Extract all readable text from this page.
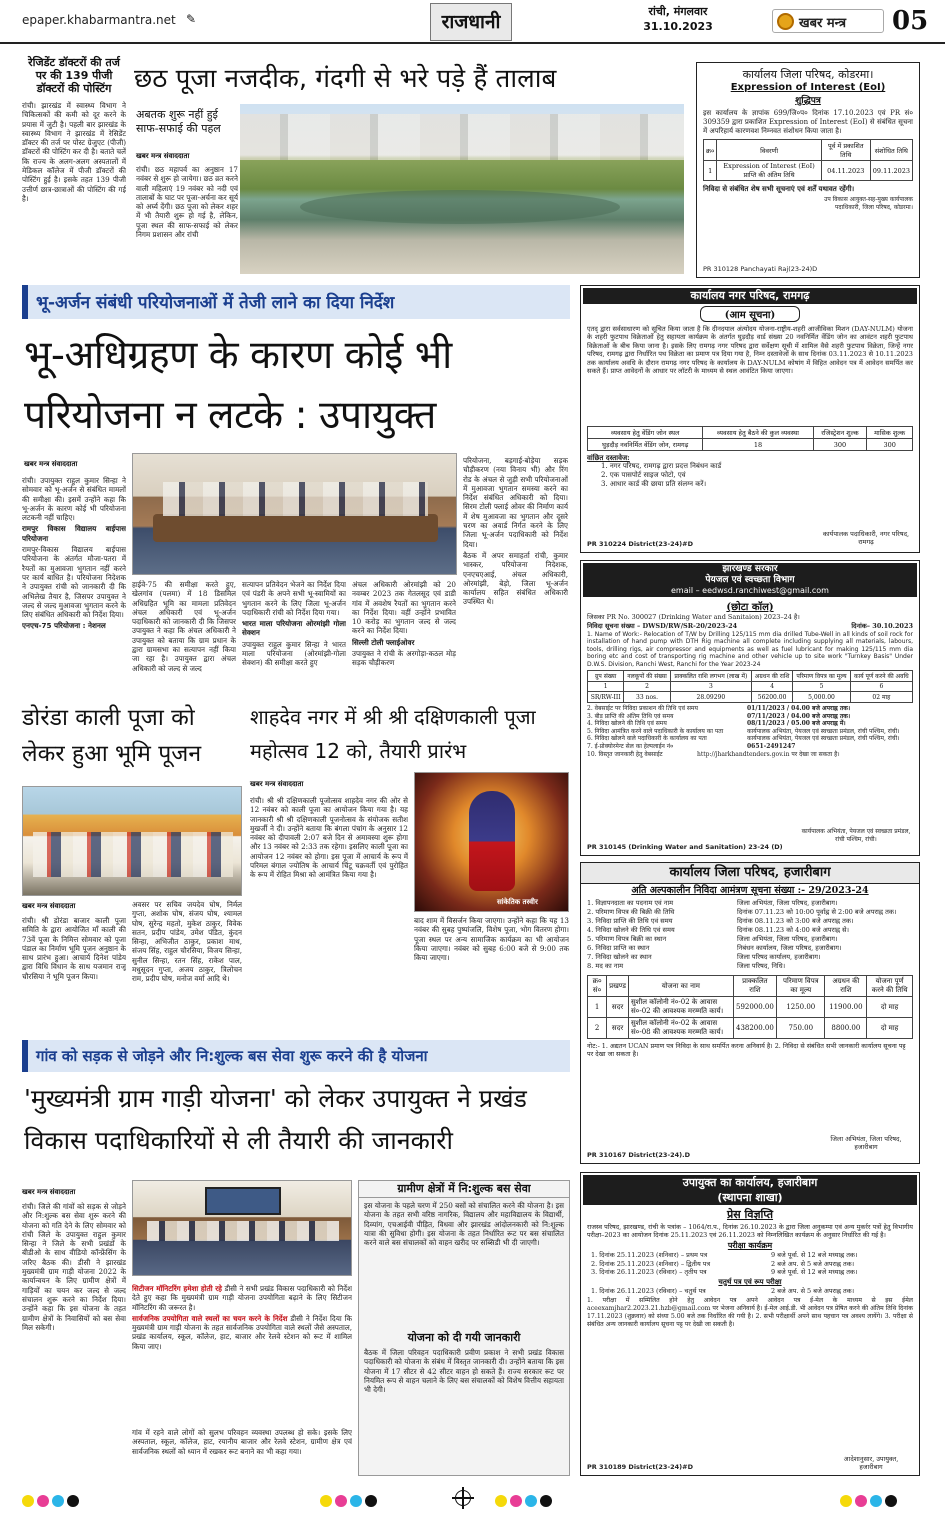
epaper.khabarmantra.net ✎	राजधानी	रांची, मंगलवार
31.10.2023	खबर मन्त्र 05
रेजिडेंट डॉक्टरों की तर्ज पर की 139 पीजी डॉक्टरों की पोस्टिंग
रांची। झारखंड में स्वास्थ्य विभाग ने चिकित्सकों की कमी को दूर करने के प्रयास में जुटी है। पहली बार झारखंड के स्वास्थ्य विभाग ने झारखंड में रेसिडेंट डॉक्टर की तर्ज पर पोस्ट ग्रेजुएट (पीजी) डॉक्टरों की पोस्टिंग कर दी है। बताते चलें कि राज्य के अलग-अलग अस्पतालों में मेडिकल कॉलेज में पीजी डॉक्टरों की पोस्टिंग हुई है। इसके तहत 139 पीजी उत्तीर्ण छात्र-छात्राओं की पोस्टिंग की गई है।
छठ पूजा नजदीक, गंदगी से भरे पड़े हैं तालाब
अबतक शुरू नहीं हुई साफ-सफाई की पहल
खबर मन्त्र संवाददाता
रांची। छठ महापर्व का अनुष्ठान 17 नवंबर से शुरू हो जायेगा। छठ व्रत करने वाली महिलाएं 19 नवंबर को नदी एवं तालाबों के घाट पर पूजा-अर्चना कर सूर्य को अर्घ्य देंगी। छठ पूजा को लेकर शहर में भी तैयारी शुरू हो गई है, लेकिन, पूजा स्थल की साफ-सफाई को लेकर निगम प्रशासन और रांची
कार्यालय जिला परिषद, कोडरमा।
Expression of Interest (EoI)
शुद्धिपत्र
इस कार्यालय के ज्ञापांक 699/जि०प० दिनांक 17.10.2023 एवं PR सं० 309359 द्वारा प्रकाशित Expression of Interest (EoI) से संबंधित सूचना में अपरिहार्य कारणवश निम्नवत संशोधन किया जाता है।
क्र०	विवरणी	पूर्व में प्रकाशित तिथि	संशोधित तिथि
1	Expression of Interest (EoI) प्राप्ति की अंतिम तिथि	04.11.2023	09.11.2023
निविदा से संबंधित शेष सभी सूचनाएं एवं शर्तें यथावत रहेंगी।
उप विकास आयुक्त-सह-मुख्य कार्यपालक पदाधिकारी, जिला परिषद, कोडरमा।
PR 310128 Panchayati Raj(23-24)D
भू-अर्जन संबंधी परियोजनाओं में तेजी लाने का दिया निर्देश
भू-अधिग्रहण के कारण कोई भी परियोजना न लटके : उपायुक्त
खबर मन्त्र संवाददाता

रांची। उपायुक्त राहुल कुमार सिन्हा ने सोमवार को भू-अर्जन से संबंधित मामलों की समीक्षा की। इसमें उन्होंने कहा कि भू-अर्जन के कारण कोई भी परियोजना लटकनी नहीं चाहिए।

रामपुर विकास विद्यालय बाईपास परियोजना

रामपुर-विकास विद्यालय बाईपास परियोजना के अंतर्गत मौजा-पतरा में रैयतों का मुआवजा भुगतान नहीं करने पर कार्य बाधित है। परियोजना निदेशक ने उपायुक्त रांची को जानकारी दी कि अभिलेख तैयार है, जिसपर उपायुक्त ने जल्द से जल्द मुआवजा भुगतान करने के लिए संबंधित अधिकारी को निर्देश दिया।

एनएच-75 परियोजना : नेशनल

हाईवे-75 की समीक्षा करते हुए, खेलगांव (पलमा) में 18 डिसमिल अधिग्रहित भूमि का मामला प्रतिवेदन अंचल अधिकारी एवं भू-अर्जन पदाधिकारी को जानकारी दी कि जिसपर उपायुक्त ने कहा कि अंचल अधिकारी ने उपायुक्त को बताया कि ग्राम प्रधान के द्वारा ग्रामसभा का सत्यापन नहीं किया जा रहा है। उपायुक्त द्वारा अंचल अधिकारी को जल्द से जल्द

सत्यापन प्रतिवेदन भेजने का निर्देश दिया एवं पंडरी के अपने सभी भू-स्वामियों का भुगतान करने के लिए जिला भू-अर्जन पदाधिकारी रांची को निर्देश दिया गया।

भारत माला परियोजना ओरमांझी गोला सेक्शन

उपायुक्त राहुल कुमार सिन्हा ने भारत माला परियोजना (ओरमांझी-गोला सेक्शन) की समीक्षा करते हुए

अंचल अधिकारी ओरमांझी को 20 नवम्बर 2023 तक गेतलसूद एवं डाडी गांव में अवशेष रैयतों का भुगतान करने का निर्देश दिया। वहीं उन्होंने प्रभावित 10 करोड़ का भुगतान जल्द से जल्द करने का निर्देश दिया।

सिल्ली टोली फ्लाईओवर

उपायुक्त ने रांची के अरगोड़ा-कठल मोड़ सड़क चौड़ीकरण

परियोजना, बड़गाई-बोड़ेया सड़क चौड़ीकरण (नया विनाय भी) और रिंग रोड के अंचल से जुड़ी सभी परियोजनाओं में मुआवजा भुगतान समस्या करने का निर्देश संबंधित अधिकारी को दिया। सिरम टोली फ्लाई ओवर की निर्माण कार्य में शेष मुआवजा का भुगतान और दूसरे चरण का अवार्ड निर्गत करने के लिए जिला भू-अर्जन पदाधिकारी को निर्देश दिया।

बैठक में अपर समाहर्ता रांची, कुमार भास्कर, परियोजना निदेशक, एनएचएआई, अंचल अधिकारी, ओरमांझी, बेड़ो, जिला भू-अर्जन कार्यालय सहित संबंधित अधिकारी उपस्थित थे।

कार्यालय नगर परिषद, रामगढ़
(आम सूचना)
एतद् द्वारा सर्वसाधारण को सूचित किया जाता है कि दीनदयाल अंत्योदय योजना-राष्ट्रीय-शहरी आजीविका मिशन (DAY-NULM) योजना के शहरी फुटपाथ विक्रेताओं हेतु सहायता कार्यक्रम के अंतर्गत घुड़दौड़ वार्ड संख्या 20 नवनिर्मित वेंडिंग जोन का आवंटन शहरी फुटपाथ विक्रेताओं के बीच किया जाना है। इसके लिए रामगढ़ नगर परिषद द्वारा सर्वेक्षण सूची में शामिल वैसे शहरी फुटपाथ विक्रेता, जिन्हें नगर परिषद, रामगढ़ द्वारा निर्धारित पथ विक्रेता का प्रमाण पत्र दिया गया है, निम्न दस्तावेजों के साथ दिनांक 03.11.2023 से 10.11.2023 तक कार्यालय अवधि के दौरान रामगढ़ नगर परिषद के कार्यालय के DAY-NULM कोषांग में विहित आवेदन पत्र में आवेदन समर्पित कर सकते हैं। प्राप्त आवेदनों के आधार पर लॉटरी के माध्यम से स्थल आवंटित किया जाएगा।
व्यवसाय हेतु वेंडिंग जोन स्थल	व्यवसाय हेतु बैठने की कुल व्यवस्था	रजिस्ट्रेशन शुल्क	मासिक शुल्क
घुड़दौड़ नवनिर्मित वेंडिंग जोन, रामगढ़	18	300	300
वांछित दस्तावेज:
1. नगर परिषद, रामगढ़ द्वारा प्रदत्त निबंधन कार्ड
2. एक पासपोर्ट साइज फोटो, एवं
3. आधार कार्ड की छाया प्रति संलग्न करें।
कार्यपालक पदाधिकारी, नगर परिषद, रामगढ़
PR 310224 District(23-24)#D
झारखण्ड सरकार
पेयजल एवं स्वच्छता विभाग
email – eedwsd.ranchiwest@gmail.com
(छोटा कॉल)
जिसका PR No. 300027 (Drinking Water and Sanitaion) 2023–24 है।
निविदा सूचना संख्या – DWSD/RW/SR-20/2023-24	दिनांक– 30.10.2023
1. Name of Work:- Relocation of T/W by Drilling 125/115 mm dia drilled Tube-Well in all kinds of soil rock for installation of hand pump with DTH Rig machine all complete including supplying all materials, labours, tools, drilling rigs, air compressor and equipments as well as fuel lubricant for making 125/115 mm dia boring etc and cost of transporting rig machine and other vehicle up to site work "Turnkey Basis" Under D.W.S. Division, Ranchi West, Ranchi for the Year 2023-24
ग्रुप संख्या	नलकूपों की संख्या	प्राक्कलित राशि लगभग (लाख में)	अग्रधन की राशि	परिमाण विपत्र का मूल्य	कार्य पूर्ण करने की अवधि
1	2	3	4	5	6
SR/RW-III	33 nos.	28.09290	56200.00	5,000.00	02 माह
2. वेबसाईट पर निविदा प्रकाशन की तिथि एवं समय	01/11/2023 / 04.00 बजे अपराह्न तक।
3. बीड प्राप्ति की अंतिम तिथि एवं समय	07/11/2023 / 04.00 बजे अपराह्न तक।
4. निविदा खोलने की तिथि एवं समय	08/11/2023 / 05.00 बजे अपराह्न में।
5. निविदा आमंत्रित करने वाले पदाधिकारी के कार्यालय का पता	कार्यपालक अभियंता, पेयजल एवं स्वच्छता प्रमंडल, रांची पश्चिम, रांची।
6. निविदा खोलने वाले पदाधिकारी के कार्यालय का पता	कार्यपालक अभियंता, पेयजल एवं स्वच्छता प्रमंडल, रांची पश्चिम, रांची।
7. ई-प्रोक्योरमेन्ट सेल का हेल्पलाईन नं०	0651-2491247
10. विस्तृत जानकारी हेतु वेबसाईट	http://jharkhandtenders.gov.in पर देखा जा सकता है।
कार्यपालक अभियंता, पेयजल एवं स्वच्छता प्रमंडल, रांची पश्चिम, रांची।
PR 310145 (Drinking Water and Sanitation) 23-24 (D)
डोरंडा काली पूजा को लेकर हुआ भूमि पूजन
खबर मन्त्र संवाददाता
रांची। श्री डोरंडा बाजार काली पूजा समिति के द्वारा आयोजित माँ काली की 73वें पूजा के निमित्त सोमवार को पूजा पंडाल का निर्माण भूमि पूजन अनुष्ठान के साथ प्रारंभ हुआ। आचार्य दिनेश पांडेय द्वारा विधि विधान के साथ यजमान राजू चौरसिया ने भूमि पूजन किया।
अवसर पर सचिव जयदेव घोष, निर्मल गुप्ता, अशोक घोष, संजय घोष, श्यामल घोष, सुरेन्द्र महतो, मुकेश ठाकुर, विवेक सतन, प्रदीप पांडेय, उमेश पंडित, कुंदन सिन्हा, अभिजीत ठाकुर, प्रकाश माथ, संजय सिंह, राहुल चौरसिया, विजय सिन्हा, सुनील सिन्हा, रतन सिंह, राकेश पाल, मधुसूदन गुप्ता, अजय ठाकुर, त्रिलोचन राम, प्रदीप घोष, मनोज वर्मा आदि थे।
शाहदेव नगर में श्री श्री दक्षिणकाली पूजा महोत्सव 12 को, तैयारी प्रारंभ
खबर मन्त्र संवाददाता
रांची। श्री श्री दक्षिणकाली पूजोत्सव शाहदेव नगर की ओर से 12 नवंबर को काली पूजा का आयोजन किया गया है। यह जानकारी श्री श्री दक्षिणकाली पूजनोत्सव के संयोजक सतीश मुखर्जी ने दी। उन्होंने बताया कि बंगला पंचांग के अनुसार 12 नवंबर को दीपावली 2:07 बजे दिन से अमावस्या शुरू होगा और 13 नवंबर को 2:33 तक रहेगा। इसलिए काली पूजा का आयोजन 12 नवंबर को होगा। इस पूजा में आचार्य के रूप में परिमल बंगाल ज्योतिष के आचार्य चिंटू चक्रवर्ती एवं पुरोहित के रूप में रोहित मिश्रा को आमंत्रित किया गया है।
सांकेतिक तस्वीर
बाद शाम में विसर्जन किया जाएगा। उन्होंने कहा कि यह 13 नवंबर की सुबह पुष्पांजलि, विशेष पूजा, भोग वितरण होगा। पूजा स्थल पर अन्य सामाजिक कार्यक्रम का भी आयोजन किया जाएगा। नवंबर को सुबह 6:00 बजे से 9:00 तक किया जाएगा।
कार्यालय जिला परिषद, हजारीबाग
अति अल्पकालीन निविदा आमंत्रण सूचना संख्या :- 29/2023-24
1. विज्ञापनदाता का पदनाम एवं नाम	जिला अभियंता, जिला परिषद, हजारीबाग।
2. परिमाण विपत्र की बिक्री की तिथि	दिनांक 07.11.23 को 10:00 पूर्वाह्न से 2:00 बजे अपराह्न तक।
3. निविदा प्राप्ति की तिथि एवं समय	दिनांक 08.11.23 को 3:00 बजे अपराह्न तक।
4. निविदा खोलने की तिथि एवं समय	दिनांक 08.11.23 को 4:00 बजे अपराह्न से।
5. परिमाण विपत्र बिक्री का स्थान	जिला अभियंता, जिला परिषद, हजारीबाग।
6. निविदा प्राप्ति का स्थान	निबंधन कार्यालय, जिला परिषद, हजारीबाग।
7. निविदा खोलने का स्थान	जिला परिषद कार्यालय, हजारीबाग।
8. मद का नाम	जिला परिषद, निधि।
क्र० सं०	प्रखण्ड	योजना का नाम	प्राक्कलित राशि	परिमाण विपत्र का मूल्य	अग्रधन की राशि	योजना पूर्ण करने की तिथि
1	सदर	सुशील कॉलोनी नं०-02 के आवास सं०-02 की आवश्यक मरम्मति कार्य।	592000.00	1250.00	11900.00	दो माह
2	सदर	सुशील कॉलोनी नं०-02 के आवास सं०-08 की आवश्यक मरम्मति कार्य।	438200.00	750.00	8800.00	दो माह
नोट:- 1. अद्यतन UCAN प्रमाण पत्र निविदा के साथ समर्पित करना अनिवार्य है। 2. निविदा से संबंधित सभी जानकारी कार्यालय सूचना पट्ट पर देखा जा सकता है।
जिला अभियंता, जिला परिषद, हजारीबाग
PR 310167 District(23-24).D
गांव को सड़क से जोड़ने और नि:शुल्क बस सेवा शुरू करने की है योजना
'मुख्यमंत्री ग्राम गाड़ी योजना' को लेकर उपायुक्त ने प्रखंड विकास पदाधिकारियों से ली तैयारी की जानकारी
खबर मन्त्र संवाददाता
रांची। जिले की गांवों को सड़क से जोड़ने और नि:शुल्क बस सेवा शुरू करने की योजना को गति देने के लिए सोमवार को रांची जिले के उपायुक्त राहुल कुमार सिन्हा ने जिले के सभी प्रखंडों के बीडीओ के साथ वीडियो कॉन्फ्रेंसिंग के जरिए बैठक की। डीसी ने झारखंड मुख्यमंत्री ग्राम गाड़ी योजना 2022 के कार्यान्वयन के लिए ग्रामीण क्षेत्रों में गाड़ियों का चयन कर जल्द से जल्द संचालन शुरू करने का निर्देश दिया। उन्होंने कहा कि इस योजना के तहत ग्रामीण क्षेत्रों के निवासियों को बस सेवा मिल सकेगी।

सिटीजन मॉनिटरिंग हमेशा होती रहे डीसी ने सभी प्रखंड विकास पदाधिकारी को निर्देश देते हुए कहा कि मुख्यमंत्री ग्राम गाड़ी योजना उपयोगिता बढ़ाने के लिए सिटीजन मॉनिटरिंग की जरूरत है।

सार्वजनिक उपयोगिता वाले स्थलों का चयन करने के निर्देश डीसी ने निर्देश दिया कि मुख्यमंत्री ग्राम गाड़ी योजना के तहत सार्वजनिक उपयोगिता वाले स्थलों जैसे अस्पताल, प्रखंड कार्यालय, स्कूल, कॉलेज, हाट, बाजार और रेलवे स्टेशन को रूट में शामिल किया जाए।

गांव में रहने वाले लोगों को सुलभ परिवहन व्यवस्था उपलब्ध हो सके। इसके लिए अस्पताल, स्कूल, कॉलेज, हाट, रयानीय बाजार और रेलवे स्टेशन, ग्रामीण क्षेत्र एवं सार्वजनिक स्थलों को ध्यान में रखकर रूट बनाने का भी कहा गया।
ग्रामीण क्षेत्रों में नि:शुल्क बस सेवा
इस योजना के पहले चरण में 250 बसों को संचालित करने की योजना है। इस योजना के तहत सभी वरिष्ठ नागरिक, विद्यालय और महाविद्यालय के विद्यार्थी, दिव्यांग, एचआईवी पीड़ित, विधवा और झारखंड आंदोलनकारी को नि:शुल्क यात्रा की सुविधा होगी। इस योजना के तहत निर्धारित रूट पर बस संचालित करने वाले बस संचालकों को वाहन खरीद पर सब्सिडी भी दी जाएगी।
योजना को दी गयी जानकारी
बैठक में जिला परिवहन पदाधिकारी प्रवीण प्रकाश ने सभी प्रखंड विकास पदाधिकारी को योजना के संबंध में विस्तृत जानकारी दी। उन्होंने बताया कि इस योजना में 17 सीटर से 42 सीटर वाहन हो सकते हैं। राज्य सरकार रूट पर नियमित रूप से वाहन चलाने के लिए बस संचालकों को विशेष वित्तीय सहायता भी देगी।
उपायुक्त का कार्यालय, हजारीबाग
(स्थापना शाखा)
प्रेस विज्ञप्ति
राजस्व परिषद, झारखण्ड, रांची के पत्रांक – 1064/रा.प., दिनांक 26.10.2023 के द्वारा जिला अनुकम्पा एवं अन्य मुकर्रर पत्रों हेतु विभागीय परीक्षा–2023 का आयोजन दिनांक 25.11.2023 एवं 26.11.2023 को निम्नलिखित कार्यक्रम के अनुसार निर्धारित की गई है।
परीक्षा कार्यक्रम
1. दिनांक 25.11.2023 (शनिवार) – प्रथम पत्र	9 बजे पूर्वा. से 12 बजे मध्याह्न तक।
2. दिनांक 25.11.2023 (शनिवार) – द्वितीय पत्र	2 बजे अप. से 5 बजे अपराह्न तक।
3. दिनांक 26.11.2023 (रविवार) – तृतीय पत्र	9 बजे पूर्वा. से 12 बजे मध्याह्न तक।
चतुर्थ पत्र एवं रूप परीक्षा
1. दिनांक 26.11.2023 (रविवार) – चतुर्थ पत्र	2 बजे अप. से 5 बजे अपराह्न तक।
1. परीक्षा में सम्मिलित होने हेतु आवेदन पत्र अपने आवेदन पत्र ई-मेल के माध्यम से इस ईमेल aceexamjhar2.2023.21.hzb@gmail.com पर भेजना अनिवार्य है। ई-मेल आई.डी. भी आवेदन पत्र प्रेषित करने की अंतिम तिथि दिनांक 17.11.2023 (शुक्रवार) को संध्या 5.00 बजे तक निर्धारित की गयी है। 2. सभी परीक्षार्थी अपने साथ पहचान पत्र अवश्य लायेंगे। 3. परीक्षा से संबंधित अन्य जानकारी कार्यालय सूचना पट्ट पर देखी जा सकती है।
आदेशानुसार, उपायुक्त, हजारीबाग
PR 310189 District(23-24)#D
